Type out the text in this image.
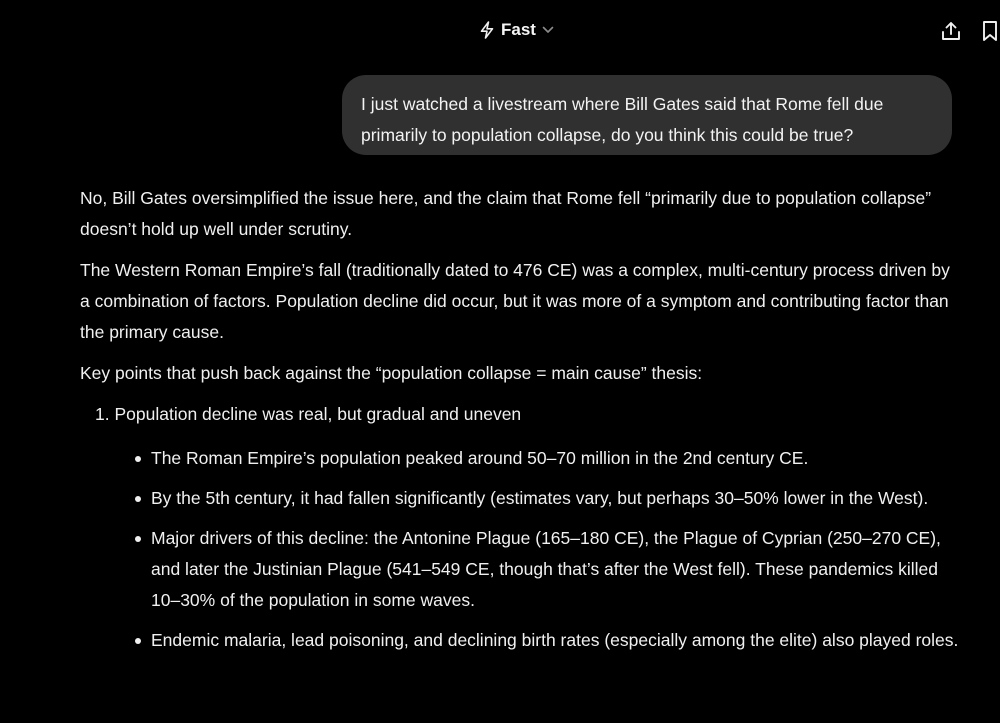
Fast
I just watched a livestream where Bill Gates said that Rome fell due primarily to population collapse, do you think this could be true?

No, Bill Gates oversimplified the issue here, and the claim that Rome fell “primarily due to population collapse” doesn’t hold up well under scrutiny.

The Western Roman Empire’s fall (traditionally dated to 476 CE) was a complex, multi-century process driven by a combination of factors. Population decline did occur, but it was more of a symptom and contributing factor than the primary cause.

Key points that push back against the “population collapse = main cause” thesis:

1. Population decline was real, but gradual and uneven
The Roman Empire’s population peaked around 50–70 million in the 2nd century CE.
By the 5th century, it had fallen significantly (estimates vary, but perhaps 30–50% lower in the West).
Major drivers of this decline: the Antonine Plague (165–180 CE), the Plague of Cyprian (250–270 CE), and later the Justinian Plague (541–549 CE, though that’s after the West fell). These pandemics killed 10–30% of the population in some waves.
Endemic malaria, lead poisoning, and declining birth rates (especially among the elite) also played roles.
